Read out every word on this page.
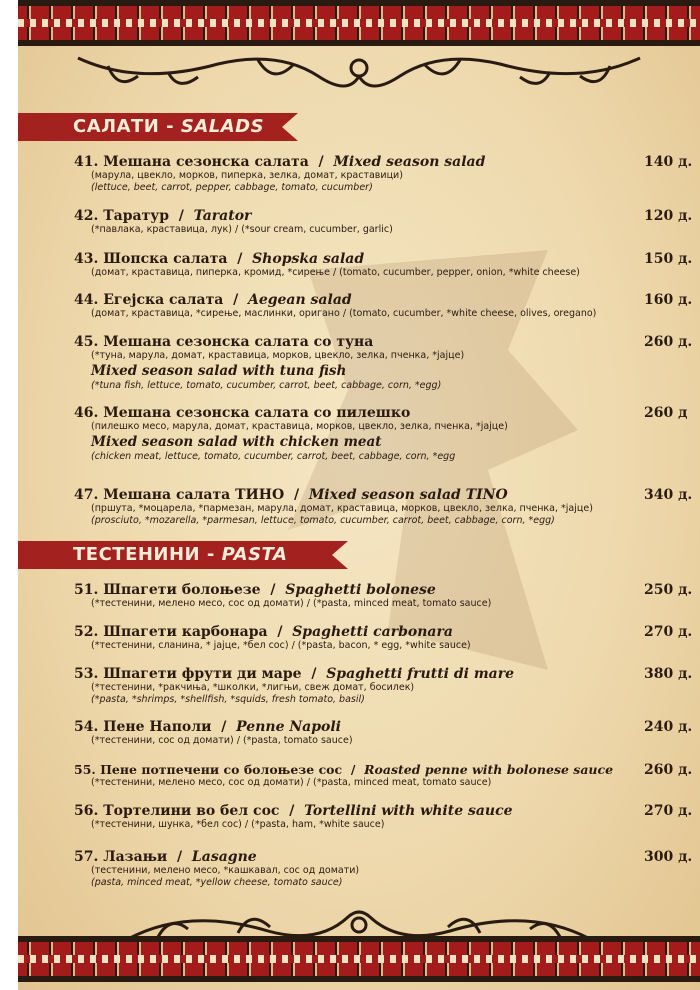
САЛАТИ - SALADS
41. Мешана сезонска салата / Mixed season salad	140 д.
(марула, цвекло, морков, пиперка, зелка, домат, краставици)
(lettuce, beet, carrot, pepper, cabbage, tomato, cucumber)
42. Таратур / Tarator	120 д.
(*павлака, краставица, лук) / (*sour cream, cucumber, garlic)
43. Шопска салата / Shopska salad	150 д.
(домат, краставица, пиперка, кромид, *сирење / (tomato, cucumber, pepper, onion, *white cheese)
44. Егејска салата / Aegean salad	160 д.
(домат, краставица, *сирење, маслинки, оригано / (tomato, cucumber, *white cheese, olives, oregano)
45. Мешана сезонска салата со туна	260 д.
(*туна, марула, домат, краставица, морков, цвекло, зелка, пченка, *јајце)
Mixed season salad with tuna fish
(*tuna fish, lettuce, tomato, cucumber, carrot, beet, cabbage, corn, *egg)
46. Мешана сезонска салата со пилешко	260 д
(пилешко месо, марула, домат, краставица, морков, цвекло, зелка, пченка, *јајце)
Mixed season salad with chicken meat
(chicken meat, lettuce, tomato, cucumber, carrot, beet, cabbage, corn, *egg
47. Мешана салата ТИНО / Mixed season salad TINO	340 д.
(пршута, *моцарела, *пармезан, марула, домат, краставица, морков, цвекло, зелка, пченка, *јајце)
(prosciuto, *mozarella, *parmesan, lettuce, tomato, cucumber, carrot, beet, cabbage, corn, *egg)
ТЕСТЕНИНИ - PASTA
51. Шпагети болоњезе / Spaghetti bolonese	250 д.
(*тестенини, мелено месо, сос од домати) / (*pasta, minced meat, tomato sauce)
52. Шпагети карбонара / Spaghetti carbonara	270 д.
(*тестенини, сланина, * јајце, *бел сос) / (*pasta, bacon, * egg, *white sauce)
53. Шпагети фрути ди маре / Spaghetti frutti di mare	380 д.
(*тестенини, *ракчиња, *школки, *лигњи, свеж домат, босилек)
(*pasta, *shrimps, *shellfish, *squids, fresh tomato, basil)
54. Пене Наполи / Penne Napoli	240 д.
(*тестенини, сос од домати) / (*pasta, tomato sauce)
55. Пене потпечени со болоњезе сос / Roasted penne with bolonese sauce	260 д.
(*тестенини, мелено месо, сос од домати) / (*pasta, minced meat, tomato sauce)
56. Тортелини во бел сос / Tortellini with white sauce	270 д.
(*тестенини, шунка, *бел сос) / (*pasta, ham, *white sauce)
57. Лазањи / Lasagne	300 д.
(тестенини, мелено месо, *кашкавал, сос од домати)
(pasta, minced meat, *yellow cheese, tomato sauce)
